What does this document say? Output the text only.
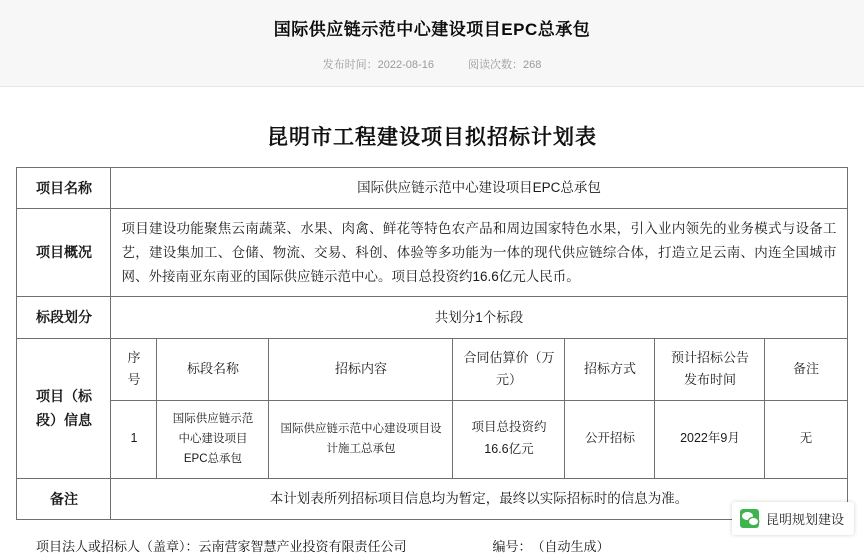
国际供应链示范中心建设项目EPC总承包
发布时间：2022-08-16	阅读次数：268
昆明市工程建设项目拟招标计划表
项目名称	国际供应链示范中心建设项目EPC总承包						
项目概况	项目建设功能聚焦云南蔬菜、水果、肉禽、鲜花等特色农产品和周边国家特色水果，引入业内领先的业务模式与设备工艺，建设集加工、仓储、物流、交易、科创、体验等多功能为一体的现代供应链综合体，打造立足云南、内连全国城市网、外接南亚东南亚的国际供应链示范中心。项目总投资约16.6亿元人民币。						
标段划分	共划分1个标段						
项目（标段）信息	序号	标段名称	招标内容	合同估算价（万元）	招标方式	预计招标公告发布时间	备注
	1	国际供应链示范中心建设项目EPC总承包	国际供应链示范中心建设项目设计施工总承包	项目总投资约16.6亿元	公开招标	2022年9月	无
备注	本计划表所列招标项目信息均为暂定，最终以实际招标时的信息为准。						
项目法人或招标人（盖章）： 云南营家智慧产业投资有限责任公司	编号： （自动生成）
昆明规划建设
